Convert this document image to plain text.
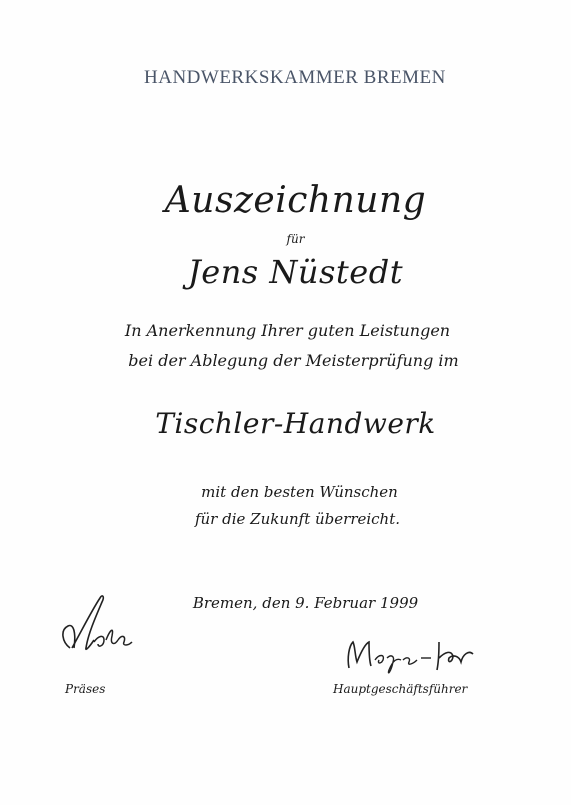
HANDWERKSKAMMER BREMEN
Auszeichnung
für
Jens Nüstedt
In Anerkennung Ihrer guten Leistungen
bei der Ablegung der Meisterprüfung im
Tischler-Handwerk
mit den besten Wünschen
für die Zukunft überreicht.
Bremen, den 9. Februar 1999
Präses	Hauptgeschäftsführer
